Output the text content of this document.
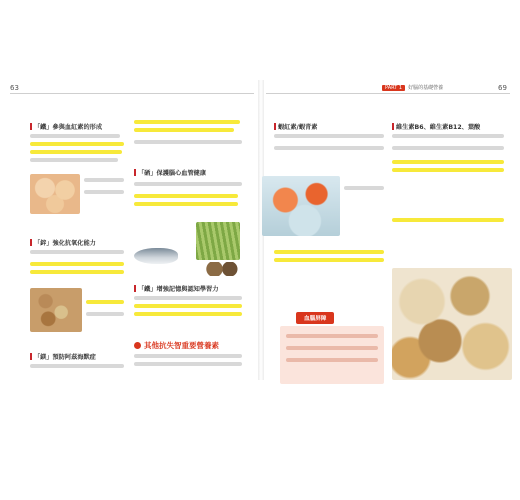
63
「鐵」參與血紅素的形成
「鋅」強化抗氧化能力
「鎂」預防阿茲海默症
「硒」保護腦心血管健康
「鐵」增強記憶與認知學習力
其他抗失智重要營養素
PART 1	好腦的基礎營養	69
蝦紅素/蝦青素
血腦屏障
維生素B6、維生素B12、葉酸
